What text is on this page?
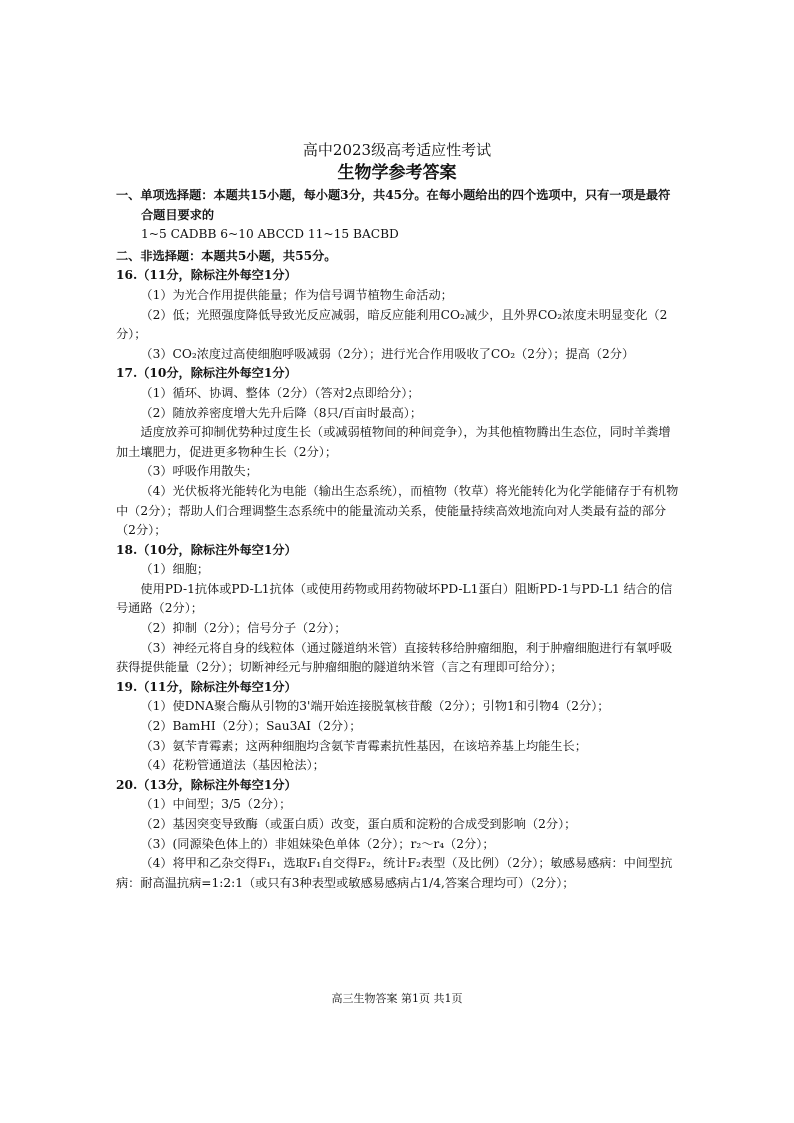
高中2023级高考适应性考试
生物学参考答案

一、单项选择题：本题共15小题，每小题3分，共45分。在每小题给出的四个选项中，只有一项是最符合题目要求的

1~5 CADBB 6~10 ABCCD 11~15 BACBD

二、非选择题：本题共5小题，共55分。

16.（11分，除标注外每空1分）

（1）为光合作用提供能量；作为信号调节植物生命活动；

（2）低；光照强度降低导致光反应减弱，暗反应能利用CO₂减少，且外界CO₂浓度未明显变化（2分）；

（3）CO₂浓度过高使细胞呼吸减弱（2分）；进行光合作用吸收了CO₂（2分）；提高（2分）

17.（10分，除标注外每空1分）

（1）循环、协调、整体（2分）（答对2点即给分）；

（2）随放养密度增大先升后降（8只/百亩时最高）；

适度放养可抑制优势种过度生长（或减弱植物间的种间竞争），为其他植物腾出生态位，同时羊粪增加土壤肥力，促进更多物种生长（2分）；

（3）呼吸作用散失；

（4）光伏板将光能转化为电能（输出生态系统），而植物（牧草）将光能转化为化学能储存于有机物中（2分）；帮助人们合理调整生态系统中的能量流动关系，使能量持续高效地流向对人类最有益的部分（2分）；

18.（10分，除标注外每空1分）

（1）细胞；

使用PD-1抗体或PD-L1抗体（或使用药物或用药物破坏PD-L1蛋白）阻断PD-1与PD-L1 结合的信号通路（2分）；

（2）抑制（2分）；信号分子（2分）；

（3）神经元将自身的线粒体（通过隧道纳米管）直接转移给肿瘤细胞，利于肿瘤细胞进行有氧呼吸获得提供能量（2分）；切断神经元与肿瘤细胞的隧道纳米管（言之有理即可给分）；

19.（11分，除标注外每空1分）

（1）使DNA聚合酶从引物的3'端开始连接脱氧核苷酸（2分）；引物1和引物4（2分）；

（2）BamHⅠ（2分）；Sau3AⅠ（2分）；

（3）氨苄青霉素；这两种细胞均含氨苄青霉素抗性基因，在该培养基上均能生长；

（4）花粉管通道法（基因枪法）；

20.（13分，除标注外每空1分）

（1）中间型；3/5（2分）；

（2）基因突变导致酶（或蛋白质）改变，蛋白质和淀粉的合成受到影响（2分）；

（3）(同源染色体上的）非姐妹染色单体（2分）；r₂～r₄（2分）；

（4）将甲和乙杂交得F₁，选取F₁自交得F₂，统计F₂表型（及比例）（2分）；敏感易感病：中间型抗病：耐高温抗病=1:2:1（或只有3种表型或敏感易感病占1/4,答案合理均可）（2分）；

高三生物答案 第1页 共1页
